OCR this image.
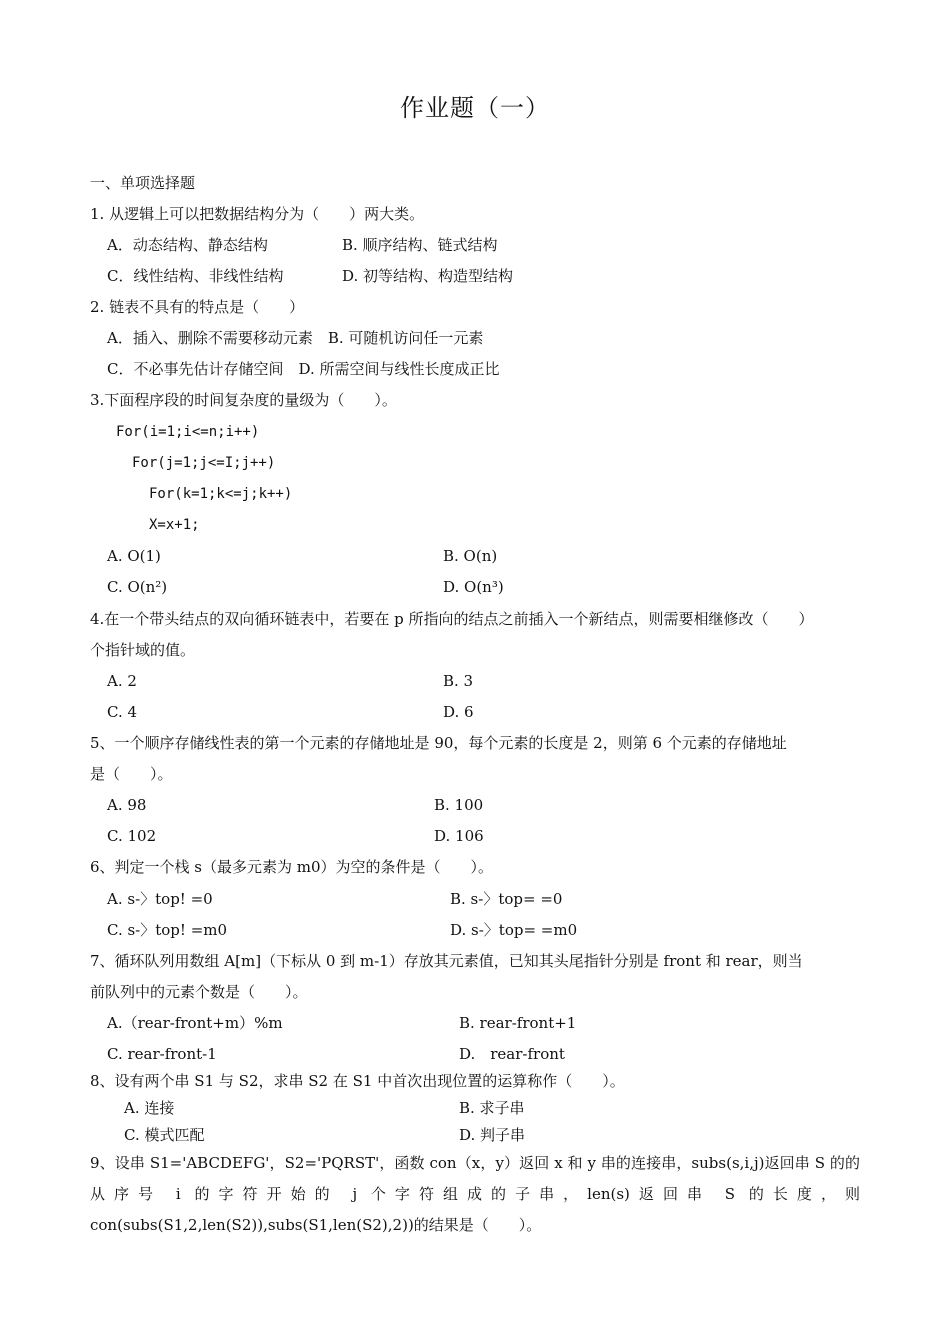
作业题（一）
一、单项选择题
1. 从逻辑上可以把数据结构分为（　　）两大类。
A．动态结构、静态结构	B. 顺序结构、链式结构
C．线性结构、非线性结构	D. 初等结构、构造型结构
2. 链表不具有的特点是（　　）
A．插入、删除不需要移动元素　B. 可随机访问任一元素
C．不必事先估计存储空间　D. 所需空间与线性长度成正比
3.下面程序段的时间复杂度的量级为（　　）。
For(i=1;i<=n;i++)
For(j=1;j<=I;j++)
For(k=1;k<=j;k++)
X=x+1;
A. O(1)	B. O(n)
C. O(n²)	D. O(n³)
4.在一个带头结点的双向循环链表中，若要在 p 所指向的结点之前插入一个新结点，则需要相继修改（　　）
个指针域的值。
A. 2	B. 3
C. 4	D. 6
5、一个顺序存储线性表的第一个元素的存储地址是 90，每个元素的长度是 2，则第 6 个元素的存储地址
是（　　）。
A. 98	B. 100
C. 102	D. 106
6、判定一个栈 s（最多元素为 m0）为空的条件是（　　）。
A. s-〉top! =0	B. s-〉top= =0
C. s-〉top! =m0	D. s-〉top= =m0
7、循环队列用数组 A[m]（下标从 0 到 m-1）存放其元素值，已知其头尾指针分别是 front 和 rear，则当
前队列中的元素个数是（　　）。
A.（rear-front+m）%m	B. rear-front+1
C. rear-front-1	D.　rear-front
8、设有两个串 S1 与 S2，求串 S2 在 S1 中首次出现位置的运算称作（　　）。
A. 连接	B. 求子串
C. 模式匹配	D. 判子串
9、设串 S1='ABCDEFG'，S2='PQRST'，函数 con（x，y）返回 x 和 y 串的连接串，subs(s,i,j)返回串 S 的的从序号 i 的字符开始的 j 个字符组成的子串，len(s)返回串 S 的长度，则 con(subs(S1,2,len(S2)),subs(S1,len(S2),2))的结果是（　　）。
